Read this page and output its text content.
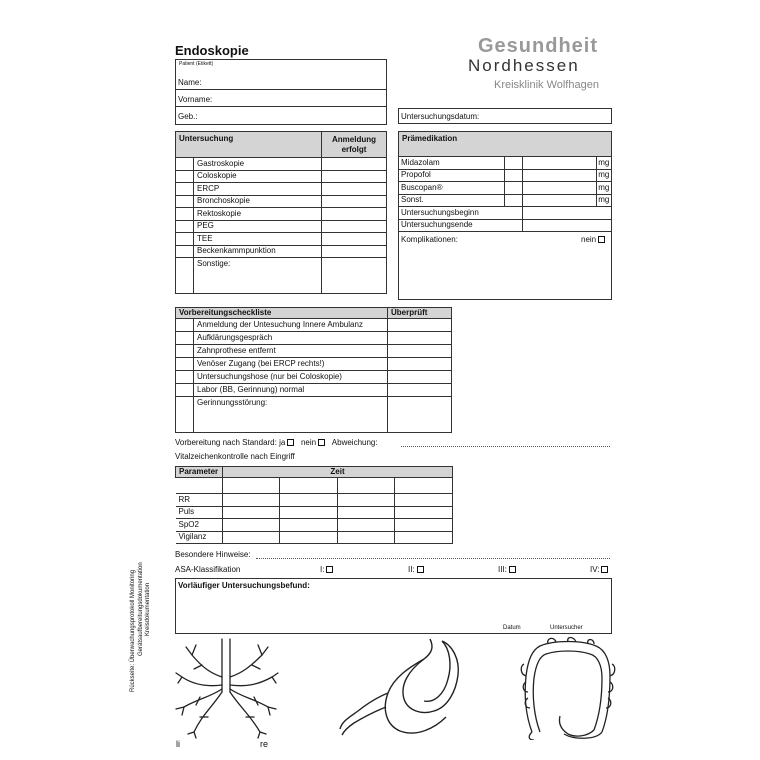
Endoskopie	Gesundheit
Nordhessen
Kreisklinik Wolfhagen
Patient (Etikett)
Name:
Vorname:
Geb.:	Untersuchungsdatum:
Untersuchung		Anmeldung
erfolgt
	Gastroskopie	
	Coloskopie	
	ERCP	
	Bronchoskopie	
	Rektoskopie	
	PEG	
	TEE	
	Beckenkammpunktion	
	Sonstige:	
Prämedikation
Midazolam			mg
Propofol			mg
Buscopan®			mg
Sonst.			mg
Untersuchungsbeginn			
Untersuchungsende			
Komplikationen:	nein
Vorbereitungscheckliste		Überprüft
	Anmeldung der Untesuchung Innere Ambulanz	
	Aufklärungsgespräch	
	Zahnprothese entfernt	
	Venöser Zugang (bei ERCP rechts!)	
	Untersuchungshose (nur bei Coloskopie)	
	Labor (BB, Gerinnung) normal	
	Gerinnungsstörung:	
Vorbereitung nach Standard: ja nein Abweichung:
Vitalzeichenkontrolle nach Eingriff
Parameter	Zeit			

RR				
Puls				
SpO2				
Vigilanz				
Besondere Hinweise:
ASA-Klassifikation	I:	II:	III:	IV:
Vorläufiger Untersuchungsbefund:
Datum	Untersucher
Rückseite: Überwachungsprotokoll Monitoring Gerätsaufbereitungsdokumentation Kreisdokumentation
li	re
